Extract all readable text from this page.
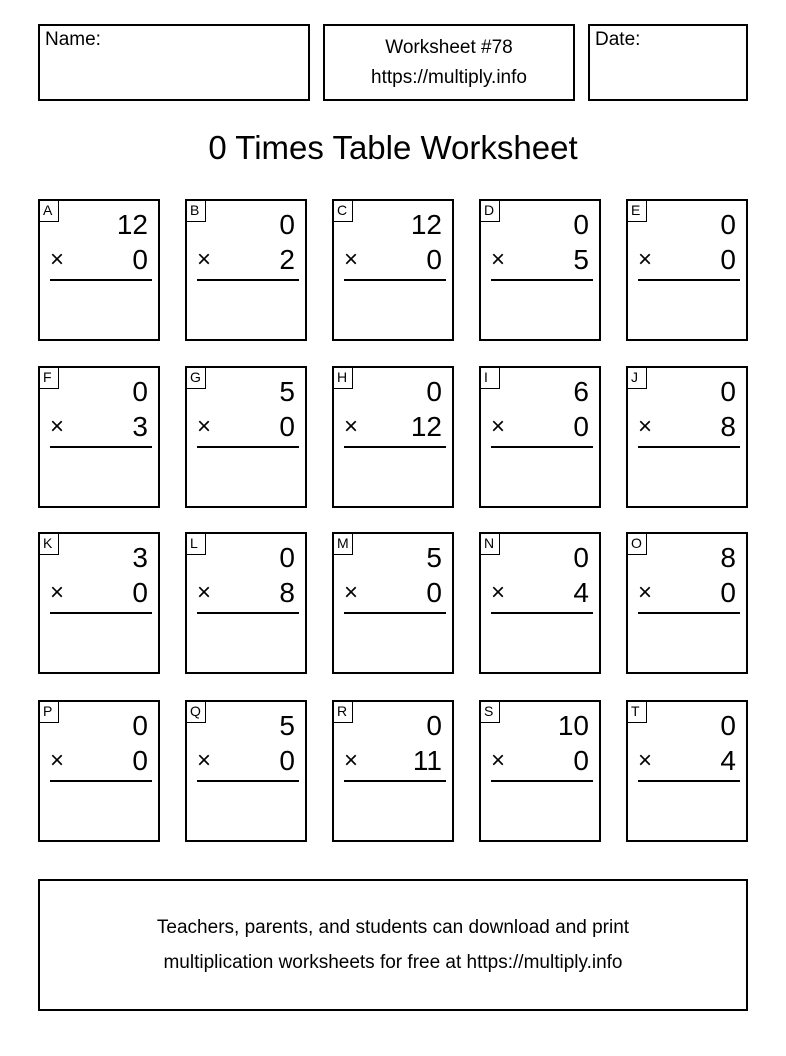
Name:	Worksheet #78
https://multiply.info
Date:
0 Times Table Worksheet
A 12
× 0
B	0
× 2
C 12
× 0
D	0
× 5
E	0
× 0
F	0
× 3
G	5
× 0
H	0
× 12
I	6
× 0
J	0
× 8
K	3
× 0
L	0
× 8
M	5
× 0
N	0
× 4
O	8
× 0
P	0
× 0
Q	5
× 0
R	0
× 11
S 10
× 0
T	0
× 4
Teachers, parents, and students can download and print
multiplication worksheets for free at https://multiply.info
